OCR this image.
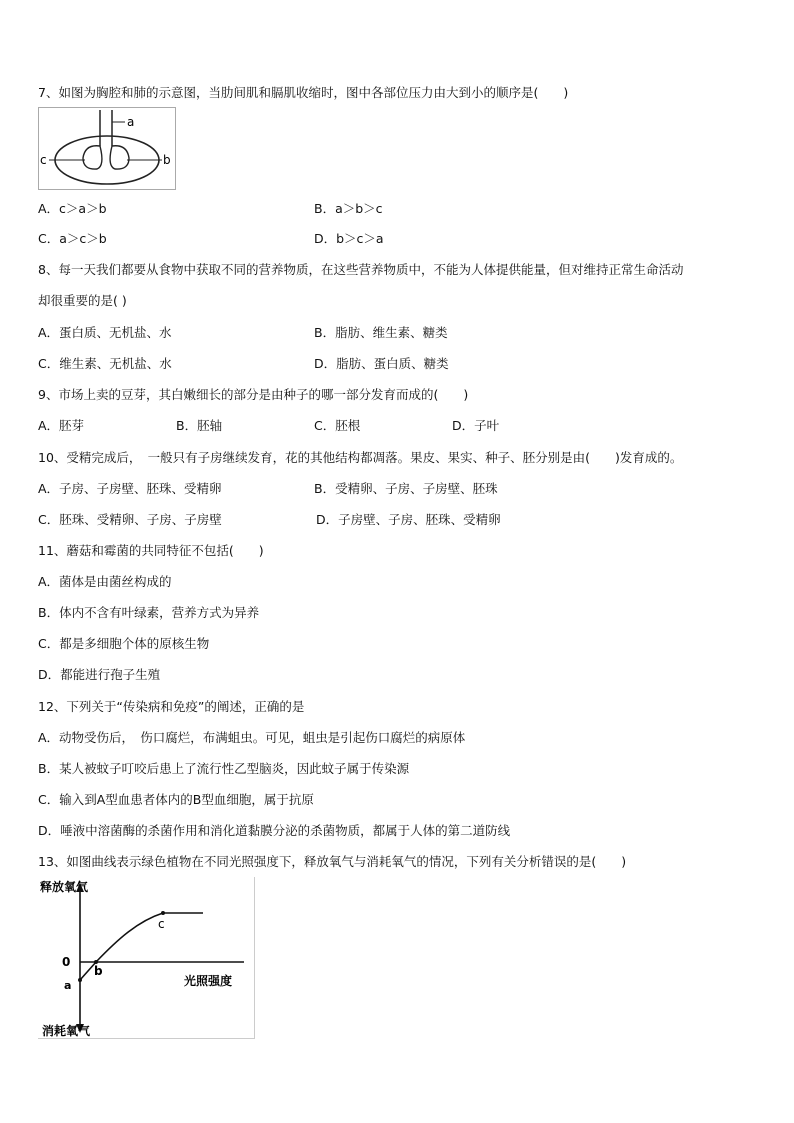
7、如图为胸腔和肺的示意图，当肋间肌和膈肌收缩时，图中各部位压力由大到小的顺序是(　　)
a
c	b
A．c＞a＞b	B．a＞b＞c
C．a＞c＞b	D．b＞c＞a
8、每一天我们都要从食物中获取不同的营养物质，在这些营养物质中，不能为人体提供能量，但对维持正常生命活动
却很重要的是( )
A．蛋白质、无机盐、水	B．脂肪、维生素、糖类
C．维生素、无机盐、水	D．脂肪、蛋白质、糖类
9、市场上卖的豆芽，其白嫩细长的部分是由种子的哪一部分发育而成的(　　)
A．胚芽	B．胚轴	C．胚根	D．子叶
10、受精完成后，　一般只有子房继续发育，花的其他结构都凋落。果皮、果实、种子、胚分别是由(　　)发育成的。
A．子房、子房壁、胚珠、受精卵	B．受精卵、子房、子房壁、胚珠
C．胚珠、受精卵、子房、子房壁	D．子房壁、子房、胚珠、受精卵
11、蘑菇和霉菌的共同特征不包括(　　)
A．菌体是由菌丝构成的
B．体内不含有叶绿素，营养方式为异养
C．都是多细胞个体的原核生物
D．都能进行孢子生殖
12、下列关于“传染病和免疫”的阐述，正确的是
A．动物受伤后，　伤口腐烂，布满蛆虫。可见，蛆虫是引起伤口腐烂的病原体
B．某人被蚊子叮咬后患上了流行性乙型脑炎，因此蚊子属于传染源
C．输入到A型血患者体内的B型血细胞，属于抗原
D．唾液中溶菌酶的杀菌作用和消化道黏膜分泌的杀菌物质，都属于人体的第二道防线
13、如图曲线表示绿色植物在不同光照强度下，释放氧气与消耗氧气的情况，下列有关分析错误的是(　　)
释放氧气
消耗氧气
光照强度
0
a
b
c
